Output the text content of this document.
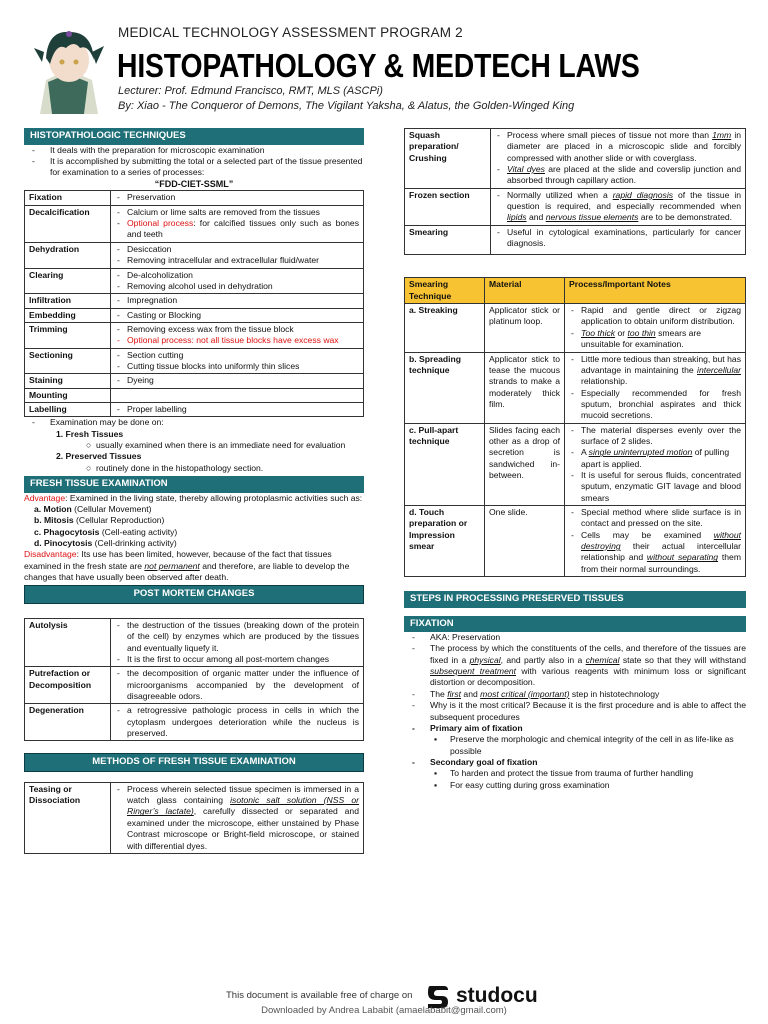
MEDICAL TECHNOLOGY ASSESSMENT PROGRAM 2
HISTOPATHOLOGY & MEDTECH LAWS
Lecturer: Prof. Edmund Francisco, RMT, MLS (ASCPi)
By: Xiao - The Conqueror of Demons, The Vigilant Yaksha, & Alatus, the Golden-Winged King
HISTOPATHOLOGIC TECHNIQUES
- It deals with the preparation for microscopic examination
- It is accomplished by submitting the total or a selected part of the tissue presented for examination to a series of processes:
“FDD-CIET-SSML”
Fixation	- Preservation

Decalcification	- Calcium or lime salts are removed from the tissues
- Optional process: for calcified tissues only such as bones and teeth

Dehydration	- Desiccation
- Removing intracellular and extracellular fluid/water

Clearing	- De-alcoholization
- Removing alcohol used in dehydration

Infiltration	- Impregnation

Embedding	- Casting or Blocking

Trimming	- Removing excess wax from the tissue block
- Optional process: not all tissue blocks have excess wax

Sectioning	- Section cutting
- Cutting tissue blocks into uniformly thin slices

Staining	- Dyeing

Mounting	
Labelling	- Proper labelling
- Examination may be done on:
1. Fresh Tissues
○  usually examined when there is an immediate need for evaluation
2. Preserved Tissues
○  routinely done in the histopathology section.
FRESH TISSUE EXAMINATION
Advantage: Examined in the living state, thereby allowing protoplasmic activities such as:
a. Motion (Cellular Movement)
b. Mitosis (Cellular Reproduction)
c. Phagocytosis (Cell-eating activity)
d. Pinocytosis (Cell-drinking activity)
Disadvantage: Its use has been limited, however, because of the fact that tissues examined in the fresh state are not permanent and therefore, are liable to develop the changes that have usually been observed after death.
POST MORTEM CHANGES
Autolysis	- the destruction of the tissues (breaking down of the protein of the cell) by enzymes which are produced by the tissues and eventually liquefy it.
- It is the first to occur among all post-mortem changes

Putrefaction or Decomposition	- the decomposition of organic matter under the influence of microorganisms accompanied by the development of disagreeable odors.

Degeneration	- a retrogressive pathologic process in cells in which the cytoplasm undergoes deterioration while the nucleus is preserved.
METHODS OF FRESH TISSUE EXAMINATION
Teasing or Dissociation	
- Process wherein selected tissue specimen is immersed in a watch glass containing isotonic salt solution (NSS or Ringer’s lactate), carefully dissected or separated and examined under the microscope, either unstained by Phase Contrast microscope or Bright-field microscope, or stained with differential dyes.
Squash preparation/ Crushing	- Process where small pieces of tissue not more than 1mm in diameter are placed in a microscopic slide and forcibly compressed with another slide or with coverglass.
- Vital dyes are placed at the slide and coverslip junction and absorbed through capillary action.

Frozen section	- Normally utilized when a rapid diagnosis of the tissue in question is required, and especially recommended when lipids and nervous tissue elements are to be demonstrated.

Smearing	- Useful in cytological examinations, particularly for cancer diagnosis.
Smearing Technique	Material	Process/Important Notes
a. Streaking	Applicator stick or platinum loop.	- Rapid and gentle direct or zigzag application to obtain uniform distribution.
- Too thick or too thin smears are unsuitable for examination.

b. Spreading technique	Applicator stick to tease the mucous strands to make a moderately thick film.	- Little more tedious than streaking, but has advantage in maintaining the intercellular relationship.
- Especially recommended for fresh sputum, bronchial aspirates and thick mucoid secretions.

c. Pull-apart technique	Slides facing each other as a drop of secretion is sandwiched in-between.	- The material disperses evenly over the surface of 2 slides.
- A single uninterrupted motion of pulling apart is applied.
- It is useful for serous fluids, concentrated sputum, enzymatic GIT lavage and blood smears

d. Touch preparation or Impression smear	One slide.	- Special method where slide surface is in contact and pressed on the site.
- Cells may be examined without destroying their actual intercellular relationship and without separating them from their normal surroundings.
STEPS IN PROCESSING PRESERVED TISSUES
FIXATION
- AKA: Preservation
- The process by which the constituents of the cells, and therefore of the tissues are fixed in a physical, and partly also in a chemical state so that they will withstand subsequent treatment with various reagents with minimum loss or significant distortion or decomposition.
- The first and most critical (important) step in histotechnology
- Why is it the most critical? Because it is the first procedure and is able to affect the subsequent procedures
- Primary aim of fixation
▪ Preserve the morphologic and chemical integrity of the cell in as life-like as possible
- Secondary goal of fixation
▪ To harden and protect the tissue from trauma of further handling
▪ For easy cutting during gross examination
This document is available free of charge on studocu
Downloaded by Andrea Lababit (amaelababit@gmail.com)
